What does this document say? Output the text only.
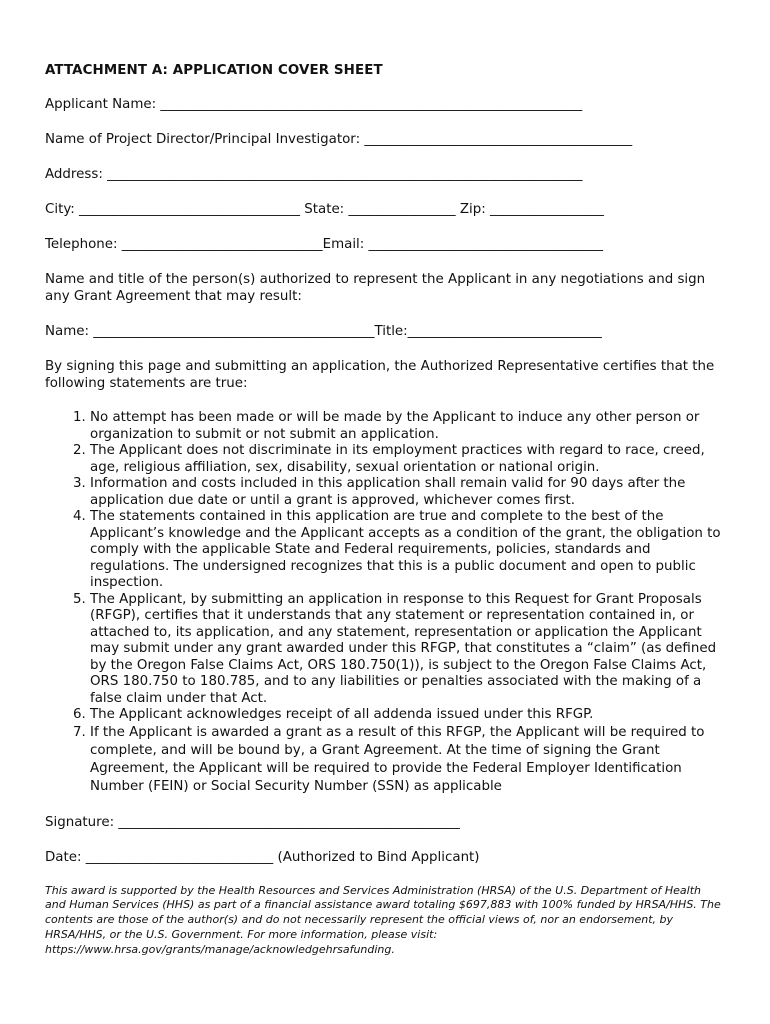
ATTACHMENT A: APPLICATION COVER SHEET

Applicant Name: _______________________________________________________________

Name of Project Director/Principal Investigator: ________________________________________

Address: _______________________________________________________________________

City: _________________________________ State: ________________ Zip: _________________

Telephone: ______________________________Email: ___________________________________

Name and title of the person(s) authorized to represent the Applicant in any negotiations and sign any Grant Agreement that may result:

Name: __________________________________________Title:_____________________________

By signing this page and submitting an application, the Authorized Representative certifies that the following statements are true:

1. No attempt has been made or will be made by the Applicant to induce any other person or organization to submit or not submit an application.
2. The Applicant does not discriminate in its employment practices with regard to race, creed, age, religious affiliation, sex, disability, sexual orientation or national origin.
3. Information and costs included in this application shall remain valid for 90 days after the application due date or until a grant is approved, whichever comes first.
4. The statements contained in this application are true and complete to the best of the Applicant’s knowledge and the Applicant accepts as a condition of the grant, the obligation to comply with the applicable State and Federal requirements, policies, standards and regulations. The undersigned recognizes that this is a public document and open to public inspection.
5. The Applicant, by submitting an application in response to this Request for Grant Proposals (RFGP), certifies that it understands that any statement or representation contained in, or attached to, its application, and any statement, representation or application the Applicant may submit under any grant awarded under this RFGP, that constitutes a “claim” (as defined by the Oregon False Claims Act, ORS 180.750(1)), is subject to the Oregon False Claims Act, ORS 180.750 to 180.785, and to any liabilities or penalties associated with the making of a false claim under that Act.
6. The Applicant acknowledges receipt of all addenda issued under this RFGP.
7. If the Applicant is awarded a grant as a result of this RFGP, the Applicant will be required to complete, and will be bound by, a Grant Agreement. At the time of signing the Grant Agreement, the Applicant will be required to provide the Federal Employer Identification Number (FEIN) or Social Security Number (SSN) as applicable

Signature: ___________________________________________________

Date: ____________________________ (Authorized to Bind Applicant)

This award is supported by the Health Resources and Services Administration (HRSA) of the U.S. Department of Health and Human Services (HHS) as part of a financial assistance award totaling $697,883 with 100% funded by HRSA/HHS. The contents are those of the author(s) and do not necessarily represent the official views of, nor an endorsement, by HRSA/HHS, or the U.S. Government. For more information, please visit: https://www.hrsa.gov/grants/manage/acknowledgehrsafunding.
